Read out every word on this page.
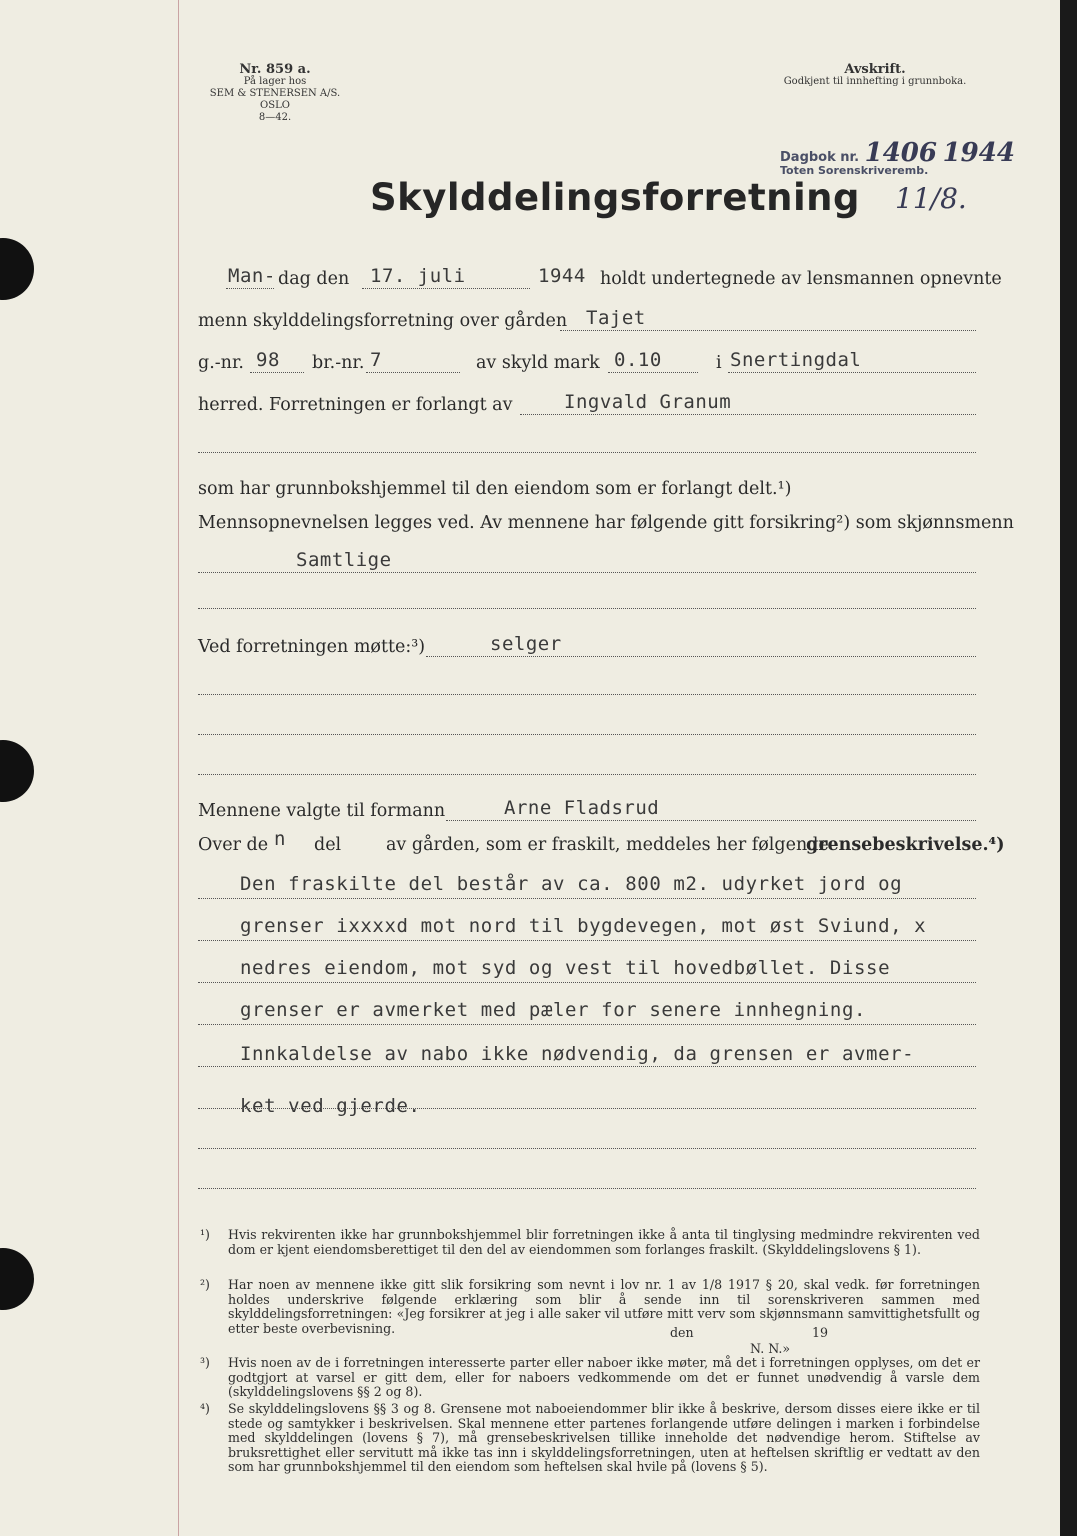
Nr. 859 a.
På lager hos
SEM & STENERSEN A/S. OSLO
8—42.
Avskrift.
Godkjent til innhefting i grunnboka.
Dagbok nr. 1406 1944
Toten Sorenskriveremb.
11/8.
Skylddelingsforretning
Man- dag den 17. juli	1944 holdt undertegnede av lensmannen opnevnte
menn skylddelingsforretning over gården Tajet
g.-nr. 98 br.-nr. 7	av skyld mark 0.10	i Snertingdal
herred. Forretningen er forlangt av	Ingvald Granum
som har grunnbokshjemmel til den eiendom som er forlangt delt.¹)
Mennsopnevnelsen legges ved. Av mennene har følgende gitt forsikring²) som skjønnsmenn
Samtlige
Ved forretningen møtte:³)	selger
Mennene valgte til formann	Arne Fladsrud
Over de n del	av gården, som er fraskilt, meddeles her følgende
grensebeskrivelse.⁴)
Den fraskilte del består av ca. 800 m2. udyrket jord og
grenser ixxxxd mot nord til bygdevegen, mot øst Sviund, x
nedres eiendom, mot syd og vest til hovedbøllet. Disse
grenser er avmerket med pæler for senere innhegning.
Innkaldelse av nabo ikke nødvendig, da grensen er avmer-
ket ved gjerde.
¹) Hvis rekvirenten ikke har grunnbokshjemmel blir forretningen ikke å anta til tinglysing medmindre rekvirenten ved dom er kjent eiendomsberettiget til den del av eiendommen som forlanges fraskilt. (Skylddelingslovens § 1).
²) Har noen av mennene ikke gitt slik forsikring som nevnt i lov nr. 1 av 1/8 1917 § 20, skal vedk. før forretningen holdes underskrive følgende erklæring som blir å sende inn til sorenskriveren sammen med skylddelingsforretningen: «Jeg forsikrer at jeg i alle saker vil utføre mitt verv som skjønnsmann samvittighetsfullt og etter beste overbevisning.	den	19
N. N.»
³) Hvis noen av de i forretningen interesserte parter eller naboer ikke møter, må det i forretningen opplyses, om det er godtgjort at varsel er gitt dem, eller for naboers vedkommende om det er funnet unødvendig å varsle dem (skylddelingslovens §§ 2 og 8).
⁴) Se skylddelingslovens §§ 3 og 8. Grensene mot naboeiendommer blir ikke å beskrive, dersom disses eiere ikke er til stede og samtykker i beskrivelsen. Skal mennene etter partenes forlangende utføre delingen i marken i forbindelse med skylddelingen (lovens § 7), må grensebeskrivelsen tillike inneholde det nødvendige herom. Stiftelse av bruksrettighet eller servitutt må ikke tas inn i skylddelingsforretningen, uten at heftelsen skriftlig er vedtatt av den som har grunnbokshjemmel til den eiendom som heftelsen skal hvile på (lovens § 5).
